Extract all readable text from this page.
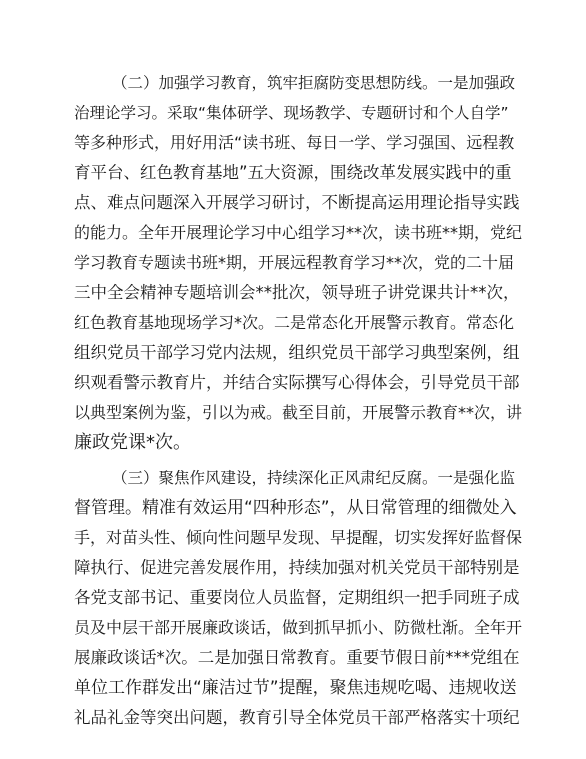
（二）加强学习教育，筑牢拒腐防变思想防线。一是加强政
治理论学习。采取“集体研学、现场教学、专题研讨和个人自学”
等多种形式，用好用活“读书班、每日一学、学习强国、远程教
育平台、红色教育基地”五大资源，围绕改革发展实践中的重
点、难点问题深入开展学习研讨，不断提高运用理论指导实践
的能力。全年开展理论学习中心组学习**次，读书班**期，党纪
学习教育专题读书班*期，开展远程教育学习**次，党的二十届
三中全会精神专题培训会**批次，领导班子讲党课共计**次，
红色教育基地现场学习*次。二是常态化开展警示教育。常态化
组织党员干部学习党内法规，组织党员干部学习典型案例，组
织观看警示教育片，并结合实际撰写心得体会，引导党员干部
以典型案例为鉴，引以为戒。截至目前，开展警示教育**次，讲
廉政党课*次。
（三）聚焦作风建设，持续深化正风肃纪反腐。一是强化监
督管理。精准有效运用“四种形态”，从日常管理的细微处入
手，对苗头性、倾向性问题早发现、早提醒，切实发挥好监督保
障执行、促进完善发展作用，持续加强对机关党员干部特别是
各党支部书记、重要岗位人员监督，定期组织一把手同班子成
员及中层干部开展廉政谈话，做到抓早抓小、防微杜渐。全年开
展廉政谈话*次。二是加强日常教育。重要节假日前***党组在
单位工作群发出“廉洁过节”提醒，聚焦违规吃喝、违规收送
礼品礼金等突出问题，教育引导全体党员干部严格落实十项纪
